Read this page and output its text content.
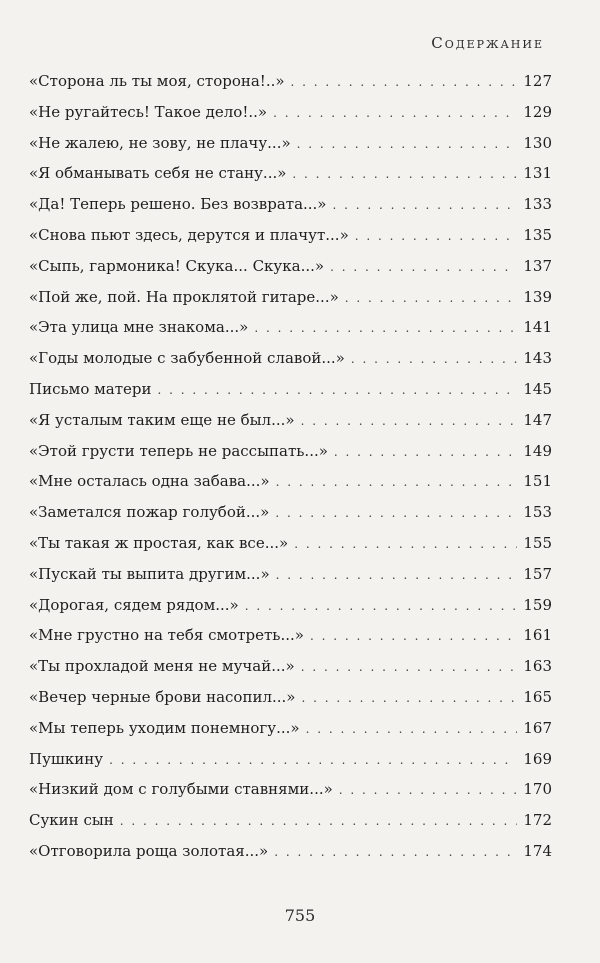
Содержание
«Сторона ль ты моя, сторона!..» . . .	127
«Не ругайтесь! Такое дело!..» . . .	129
«Не жалею, не зову, не плачу...» . . .	130
«Я обманывать себя не стану...» . . .	131
«Да! Теперь решено. Без возврата...» . . .	133
«Снова пьют здесь, дерутся и плачут...» . . .	135
«Сыпь, гармоника! Скука... Скука...» . . .	137
«Пой же, пой. На проклятой гитаре...» . . .	139
«Эта улица мне знакома...» . . .	141
«Годы молодые с забубенной славой...» . . .	143
Письмо матери . . .	145
«Я усталым таким еще не был...» . . .	147
«Этой грусти теперь не рассыпать...» . . .	149
«Мне осталась одна забава...» . . .	151
«Заметался пожар голубой...» . . .	153
«Ты такая ж простая, как все...» . . .	155
«Пускай ты выпита другим...» . . .	157
«Дорогая, сядем рядом...» . . .	159
«Мне грустно на тебя смотреть...» . . .	161
«Ты прохладой меня не мучай...» . . .	163
«Вечер черные брови насопил...» . . .	165
«Мы теперь уходим понемногу...» . . .	167
Пушкину . . .	169
«Низкий дом с голубыми ставнями...» . . .	170
Сукин сын . . .	172
«Отговорила роща золотая...» . . .	174
755
